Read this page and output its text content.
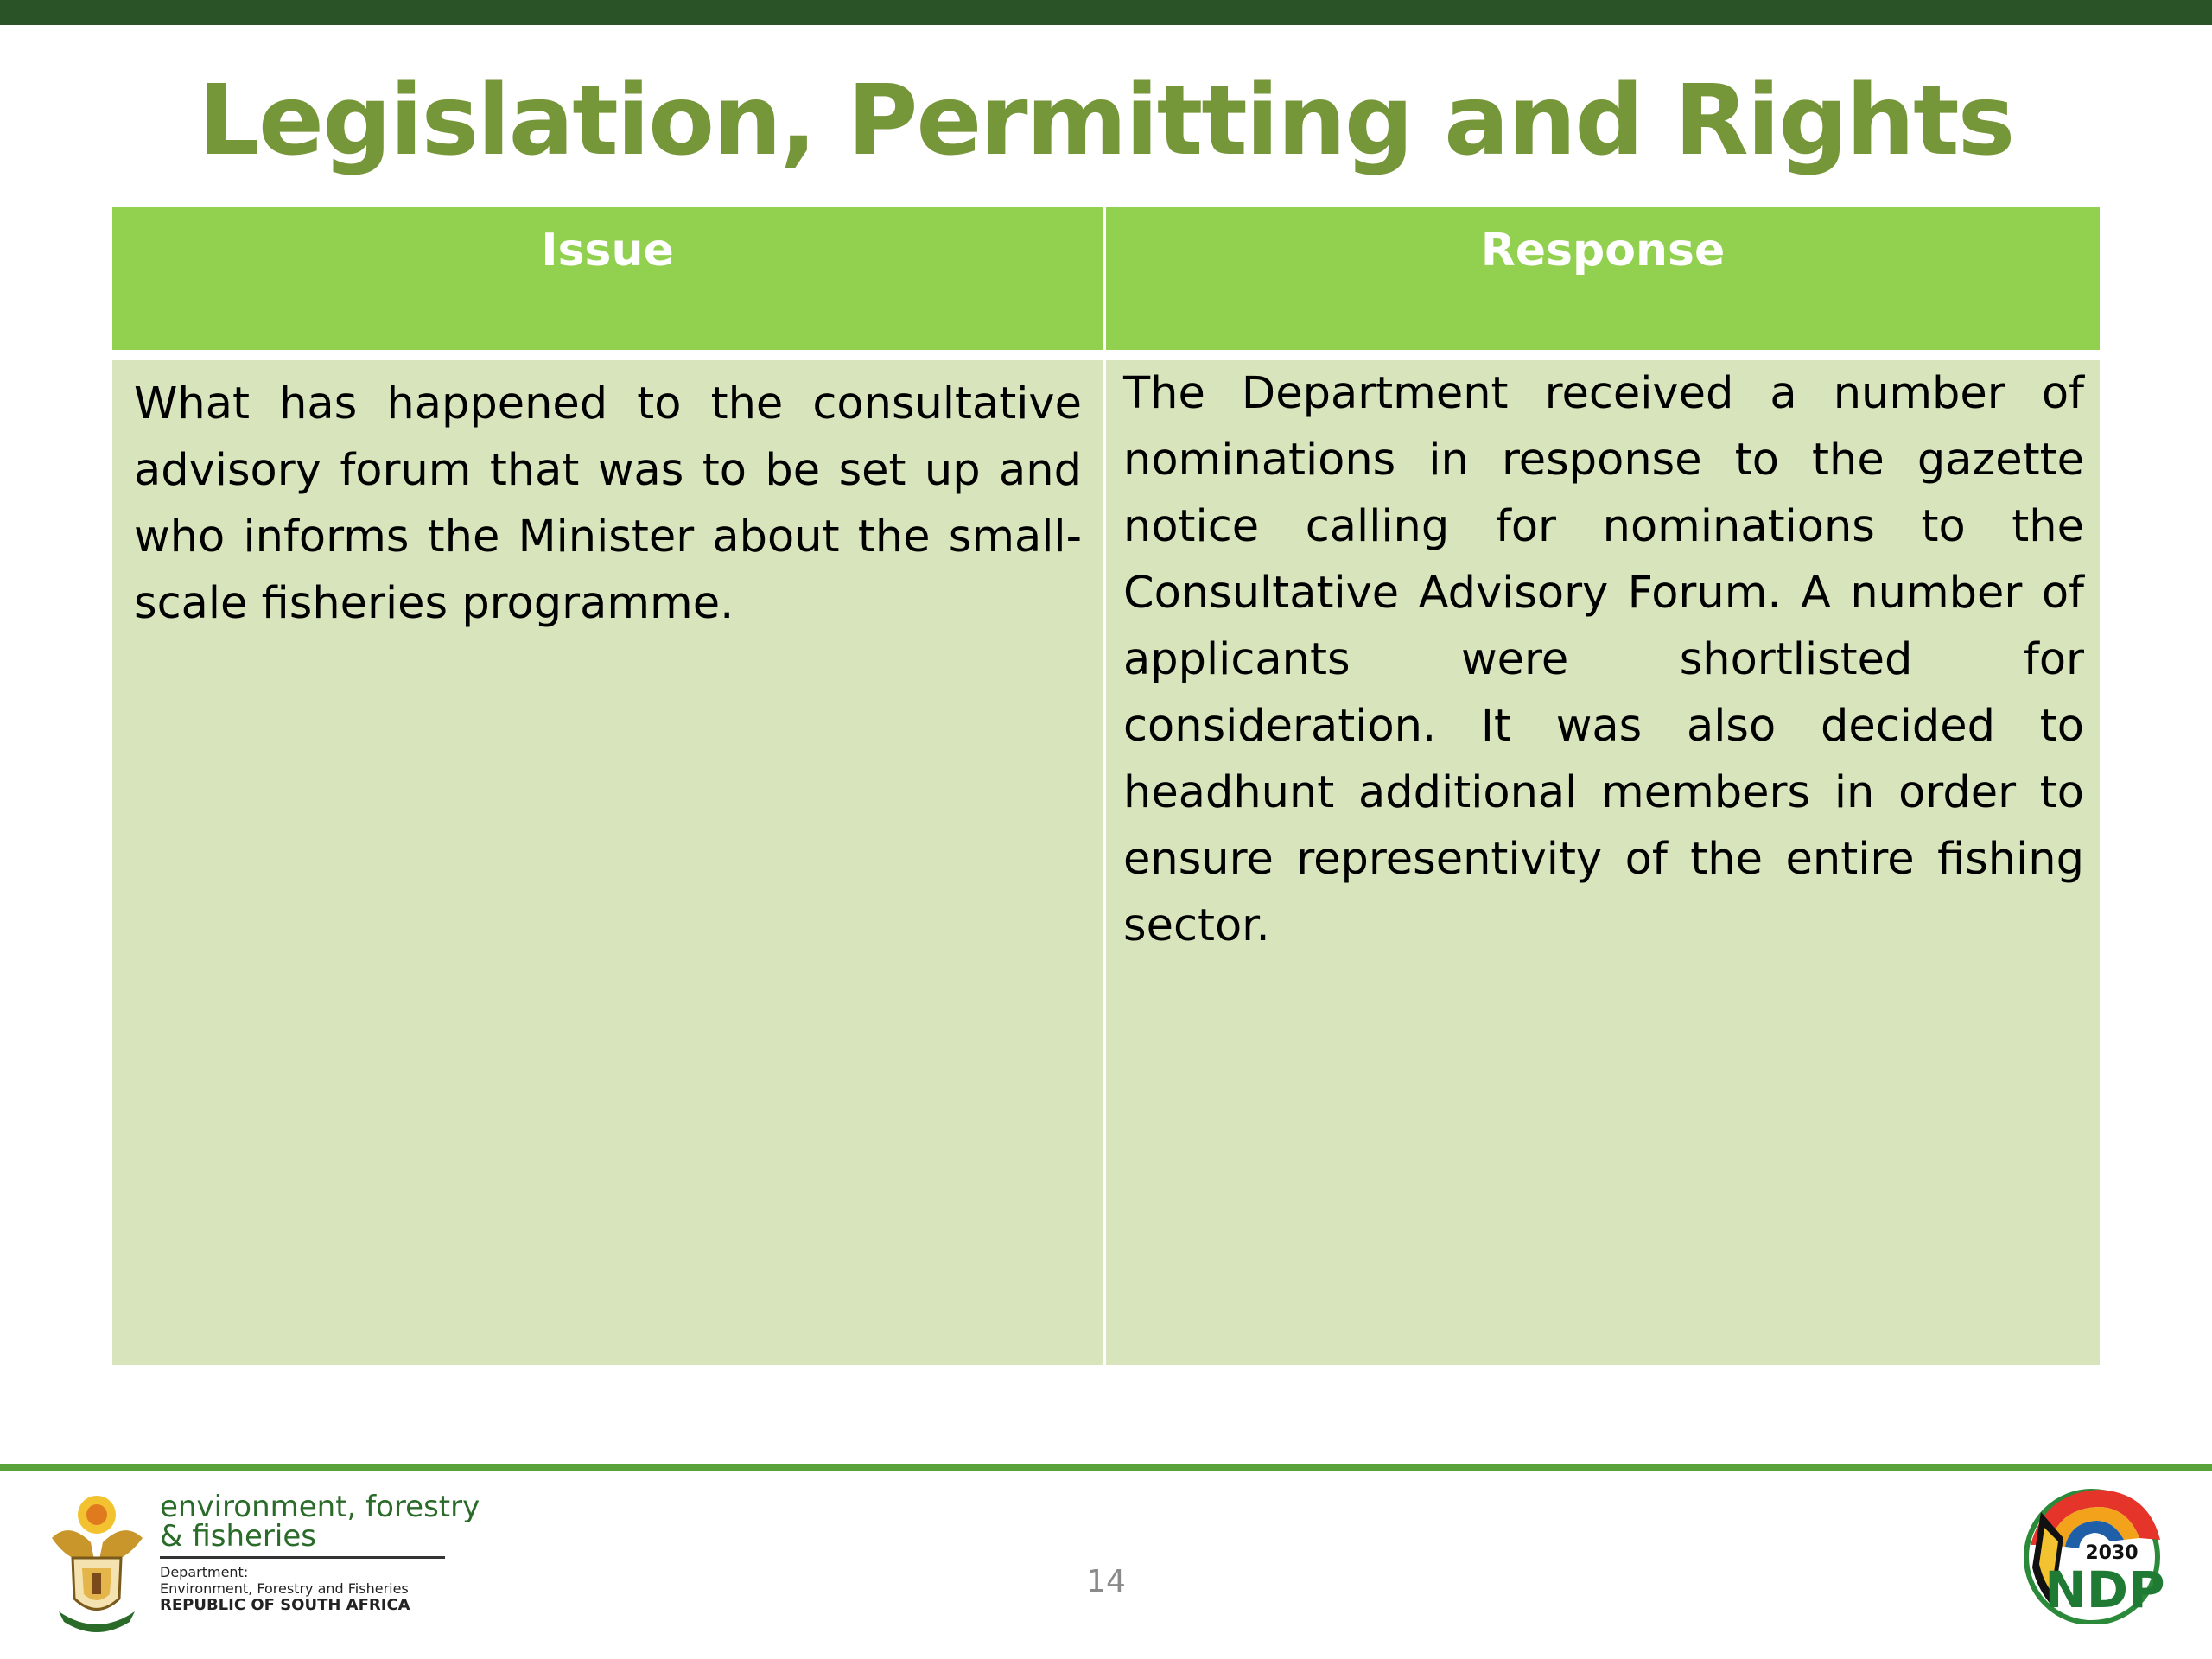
Legislation, Permitting and Rights
Issue	Response
What has happened to the consultative advisory forum that was to be set up and who informs the Minister about the small-scale fisheries programme.
The Department received a number of nominations in response to the gazette notice calling for nominations to the Consultative Advisory Forum. A number of applicants were shortlisted for consideration. It was also decided to headhunt additional members in order to ensure representivity of the entire fishing sector.
environment, forestry
& fisheries
Department:
Environment, Forestry and Fisheries
REPUBLIC OF SOUTH AFRICA
14
2030
NDP
